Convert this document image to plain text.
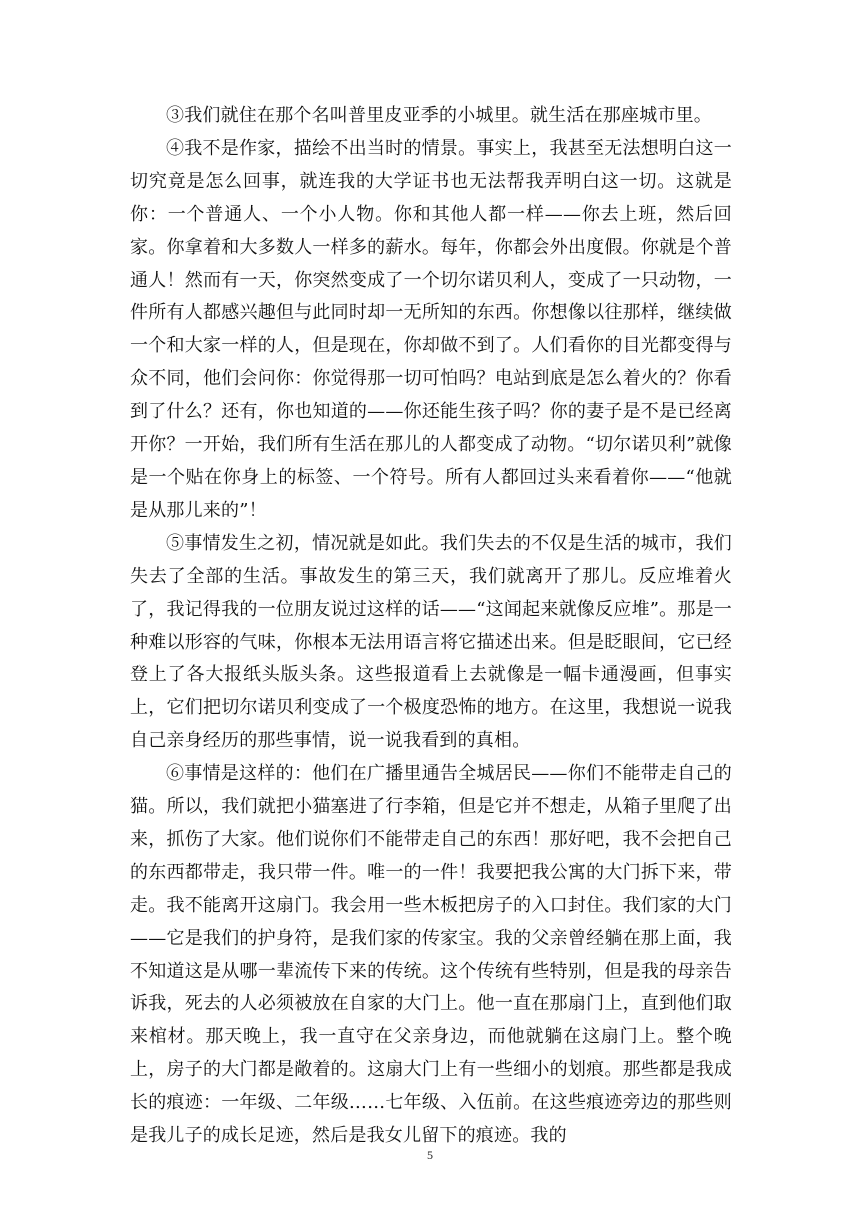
③我们就住在那个名叫普里皮亚季的小城里。就生活在那座城市里。

④我不是作家，描绘不出当时的情景。事实上，我甚至无法想明白这一切究竟是怎么回事，就连我的大学证书也无法帮我弄明白这一切。这就是你：一个普通人、一个小人物。你和其他人都一样——你去上班，然后回家。你拿着和大多数人一样多的薪水。每年，你都会外出度假。你就是个普通人！然而有一天，你突然变成了一个切尔诺贝利人，变成了一只动物，一件所有人都感兴趣但与此同时却一无所知的东西。你想像以往那样，继续做一个和大家一样的人，但是现在，你却做不到了。人们看你的目光都变得与众不同，他们会问你：你觉得那一切可怕吗？电站到底是怎么着火的？你看到了什么？还有，你也知道的——你还能生孩子吗？你的妻子是不是已经离开你？一开始，我们所有生活在那儿的人都变成了动物。“切尔诺贝利”就像是一个贴在你身上的标签、一个符号。所有人都回过头来看着你——“他就是从那儿来的”！

⑤事情发生之初，情况就是如此。我们失去的不仅是生活的城市，我们失去了全部的生活。事故发生的第三天，我们就离开了那儿。反应堆着火了，我记得我的一位朋友说过这样的话——“这闻起来就像反应堆”。那是一种难以形容的气味，你根本无法用语言将它描述出来。但是眨眼间，它已经登上了各大报纸头版头条。这些报道看上去就像是一幅卡通漫画，但事实上，它们把切尔诺贝利变成了一个极度恐怖的地方。在这里，我想说一说我自己亲身经历的那些事情，说一说我看到的真相。

⑥事情是这样的：他们在广播里通告全城居民——你们不能带走自己的猫。所以，我们就把小猫塞进了行李箱，但是它并不想走，从箱子里爬了出来，抓伤了大家。他们说你们不能带走自己的东西！那好吧，我不会把自己的东西都带走，我只带一件。唯一的一件！我要把我公寓的大门拆下来，带走。我不能离开这扇门。我会用一些木板把房子的入口封住。我们家的大门——它是我们的护身符，是我们家的传家宝。我的父亲曾经躺在那上面，我不知道这是从哪一辈流传下来的传统。这个传统有些特别，但是我的母亲告诉我，死去的人必须被放在自家的大门上。他一直在那扇门上，直到他们取来棺材。那天晚上，我一直守在父亲身边，而他就躺在这扇门上。整个晚上，房子的大门都是敞着的。这扇大门上有一些细小的划痕。那些都是我成长的痕迹：一年级、二年级……七年级、入伍前。在这些痕迹旁边的那些则是我儿子的成长足迹，然后是我女儿留下的痕迹。我的

5
